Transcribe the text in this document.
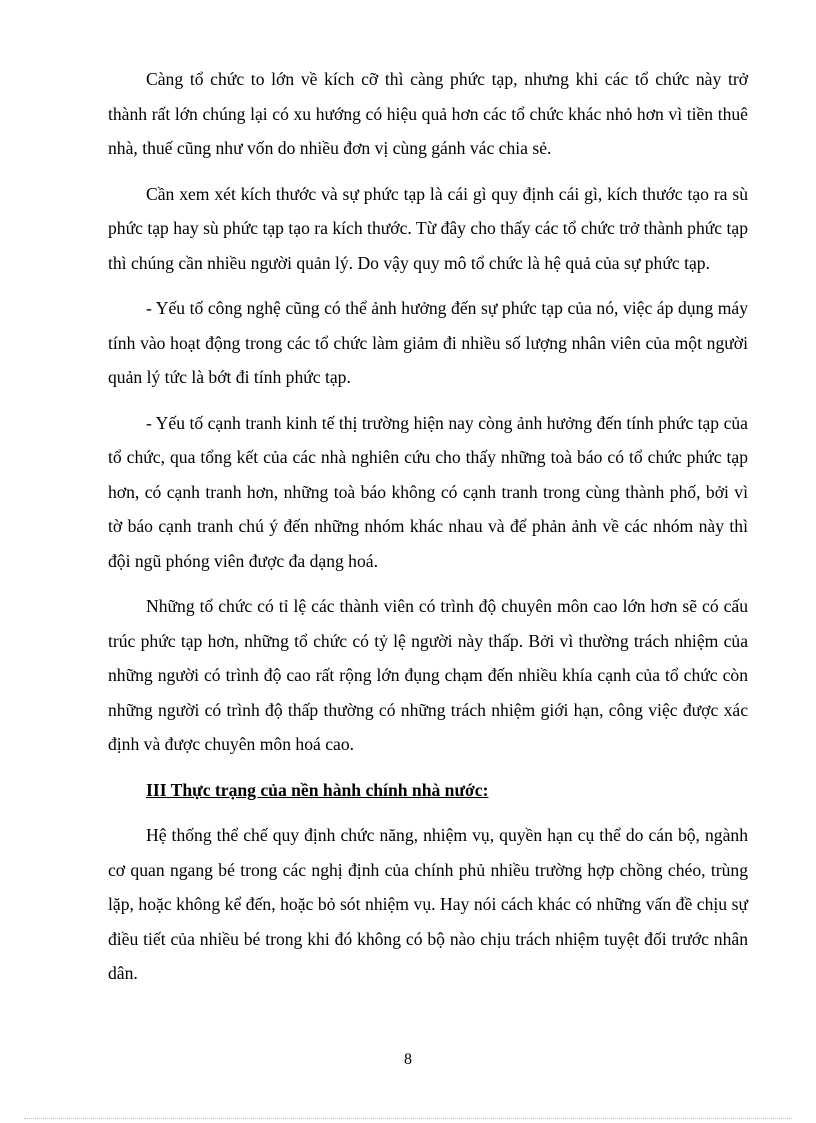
Càng tổ chức to lớn về kích cỡ thì càng phức tạp, nhưng khi các tổ chức này trở thành rất lớn chúng lại có xu hướng có hiệu quả hơn các tổ chức khác nhỏ hơn vì tiền thuê nhà, thuế cũng như vốn do nhiều đơn vị cùng gánh vác chia sẻ.

Cần xem xét kích thước và sự phức tạp là cái gì quy định cái gì, kích thước tạo ra sù phức tạp hay sù phức tạp tạo ra kích thước. Từ đây cho thấy các tổ chức trở thành phức tạp thì chúng cần nhiều người quản lý. Do vậy quy mô tổ chức là hệ quả của sự phức tạp.

- Yếu tố công nghệ cũng có thể ảnh hưởng đến sự phức tạp của nó, việc áp dụng máy tính vào hoạt động trong các tổ chức làm giảm đi nhiều số lượng nhân viên của một người quản lý tức là bớt đi tính phức tạp.

- Yếu tố cạnh tranh kinh tế thị trường hiện nay còng ảnh hưởng đến tính phức tạp của tổ chức, qua tổng kết của các nhà nghiên cứu cho thấy những toà báo có tổ chức phức tạp hơn, có cạnh tranh hơn, những toà báo không có cạnh tranh trong cùng thành phố, bởi vì tờ báo cạnh tranh chú ý đến những nhóm khác nhau và để phản ảnh về các nhóm này thì đội ngũ phóng viên được đa dạng hoá.

Những tổ chức có tỉ lệ các thành viên có trình độ chuyên môn cao lớn hơn sẽ có cấu trúc phức tạp hơn, những tổ chức có tỷ lệ người này thấp. Bởi vì thường trách nhiệm của những người có trình độ cao rất rộng lớn đụng chạm đến nhiều khía cạnh của tổ chức còn những người có trình độ thấp thường có những trách nhiệm giới hạn, công việc được xác định và được chuyên môn hoá cao.

III Thực trạng của nền hành chính nhà nước:

Hệ thống thể chế quy định chức năng, nhiệm vụ, quyền hạn cụ thể do cán bộ, ngành cơ quan ngang bé trong các nghị định của chính phủ nhiều trường hợp chồng chéo, trùng lặp, hoặc không kể đến, hoặc bỏ sót nhiệm vụ. Hay nói cách khác có những vấn đề chịu sự điều tiết của nhiều bé trong khi đó không có bộ nào chịu trách nhiệm tuyệt đối trước nhân dân.

8
